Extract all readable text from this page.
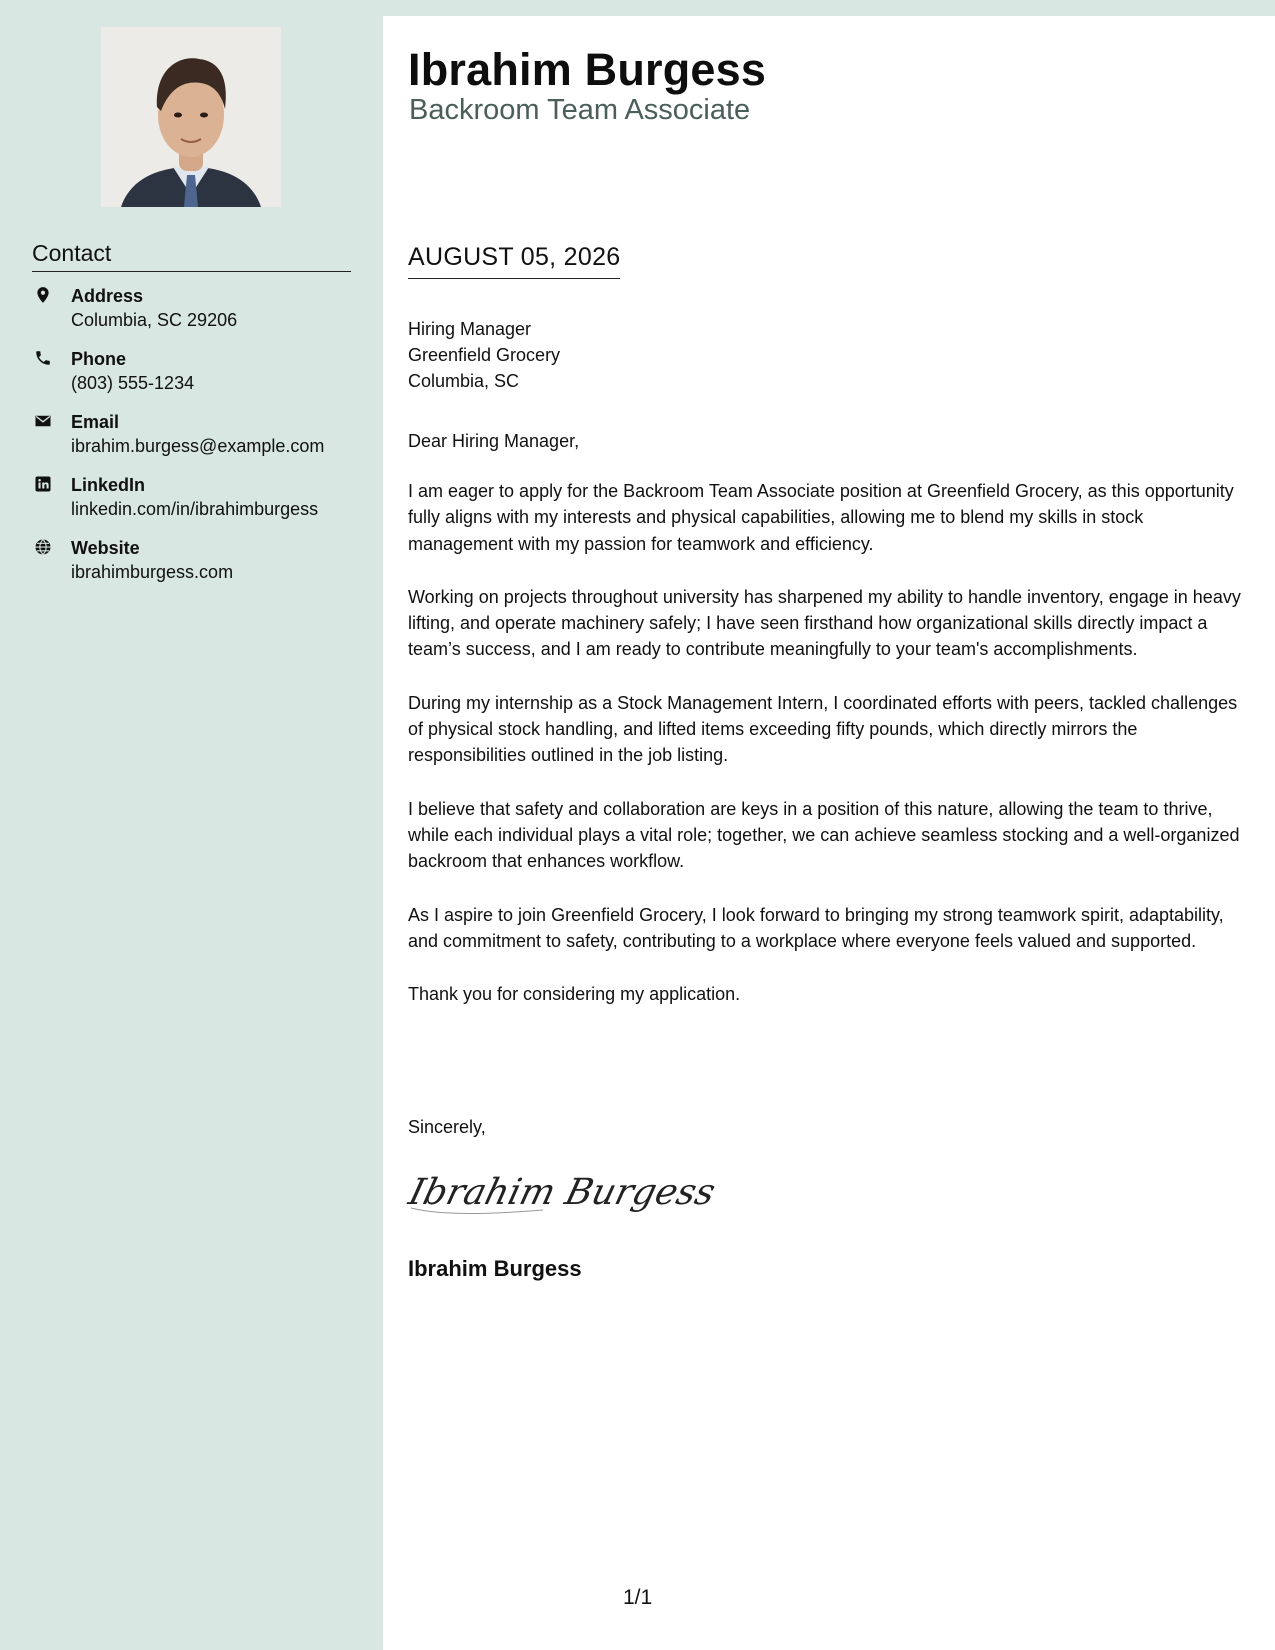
Contact
Address
Columbia, SC 29206
Phone
(803) 555-1234
Email
ibrahim.burgess@example.com
LinkedIn
linkedin.com/in/ibrahimburgess
Website
ibrahimburgess.com
Ibrahim Burgess
Backroom Team Associate
AUGUST 05, 2026
Hiring Manager
Greenfield Grocery
Columbia, SC
Dear Hiring Manager,

I am eager to apply for the Backroom Team Associate position at Greenfield Grocery, as this opportunity fully aligns with my interests and physical capabilities, allowing me to blend my skills in stock management with my passion for teamwork and efficiency.

Working on projects throughout university has sharpened my ability to handle inventory, engage in heavy lifting, and operate machinery safely; I have seen firsthand how organizational skills directly impact a team’s success, and I am ready to contribute meaningfully to your team's accomplishments.

During my internship as a Stock Management Intern, I coordinated efforts with peers, tackled challenges of physical stock handling, and lifted items exceeding fifty pounds, which directly mirrors the responsibilities outlined in the job listing.

I believe that safety and collaboration are keys in a position of this nature, allowing the team to thrive, while each individual plays a vital role; together, we can achieve seamless stocking and a well-organized backroom that enhances workflow.

As I aspire to join Greenfield Grocery, I look forward to bringing my strong teamwork spirit, adaptability, and commitment to safety, contributing to a workplace where everyone feels valued and supported.

Thank you for considering my application.

Sincerely,
Ibrahim Burgess
Ibrahim Burgess
1/1
